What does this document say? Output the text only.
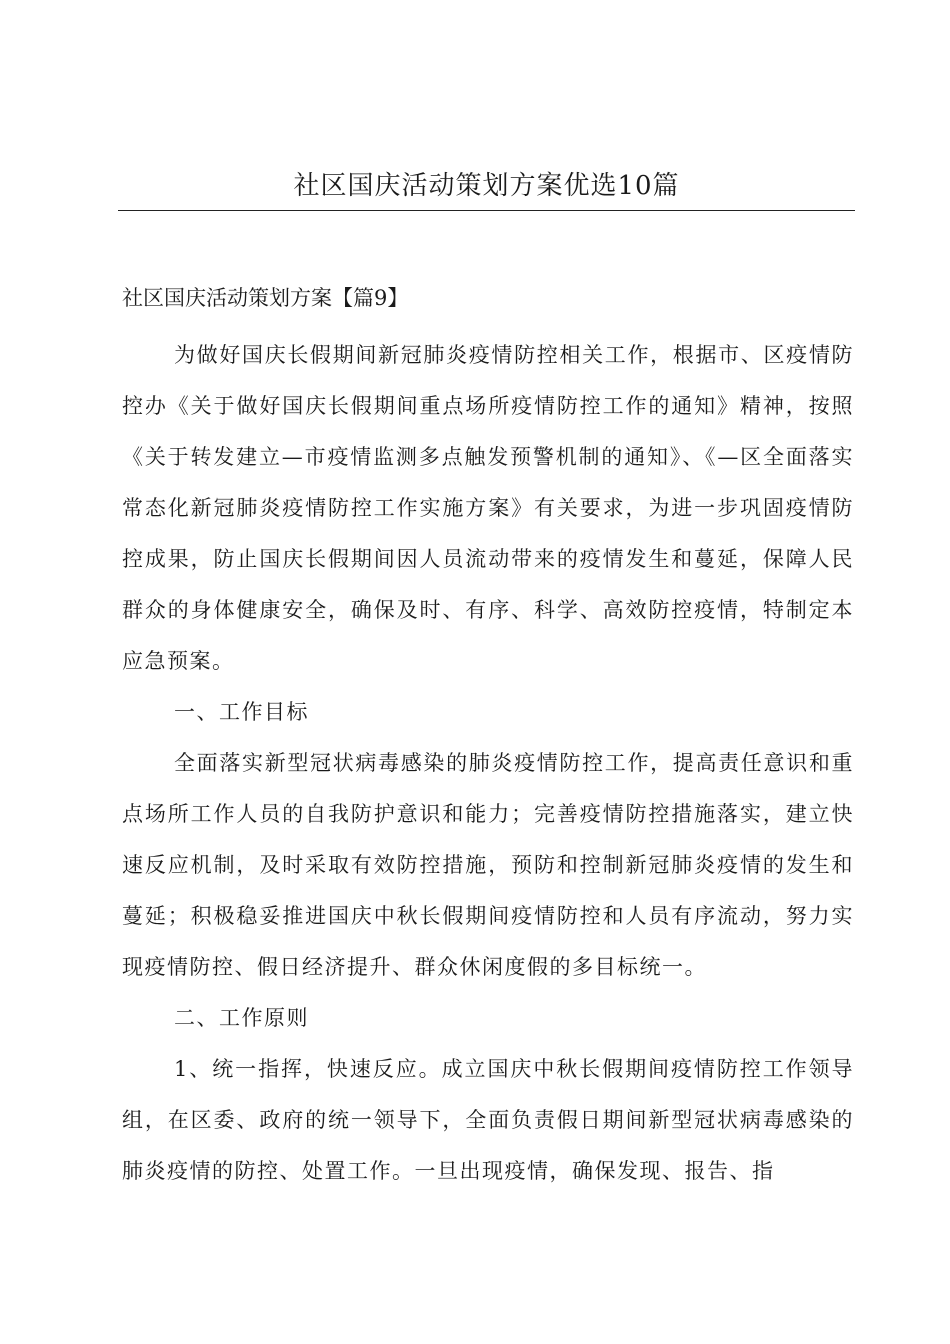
社区国庆活动策划方案优选10篇
社区国庆活动策划方案【篇9】

为做好国庆长假期间新冠肺炎疫情防控相关工作，根据市、区疫情防控办《关于做好国庆长假期间重点场所疫情防控工作的通知》精神，按照《关于转发建立—市疫情监测多点触发预警机制的通知》、《—区全面落实常态化新冠肺炎疫情防控工作实施方案》有关要求，为进一步巩固疫情防控成果，防止国庆长假期间因人员流动带来的疫情发生和蔓延，保障人民群众的身体健康安全，确保及时、有序、科学、高效防控疫情，特制定本应急预案。

一、工作目标

全面落实新型冠状病毒感染的肺炎疫情防控工作，提高责任意识和重点场所工作人员的自我防护意识和能力；完善疫情防控措施落实，建立快速反应机制，及时采取有效防控措施，预防和控制新冠肺炎疫情的发生和蔓延；积极稳妥推进国庆中秋长假期间疫情防控和人员有序流动，努力实现疫情防控、假日经济提升、群众休闲度假的多目标统一。

二、工作原则

1、统一指挥，快速反应。成立国庆中秋长假期间疫情防控工作领导组，在区委、政府的统一领导下，全面负责假日期间新型冠状病毒感染的肺炎疫情的防控、处置工作。一旦出现疫情，确保发现、报告、指
